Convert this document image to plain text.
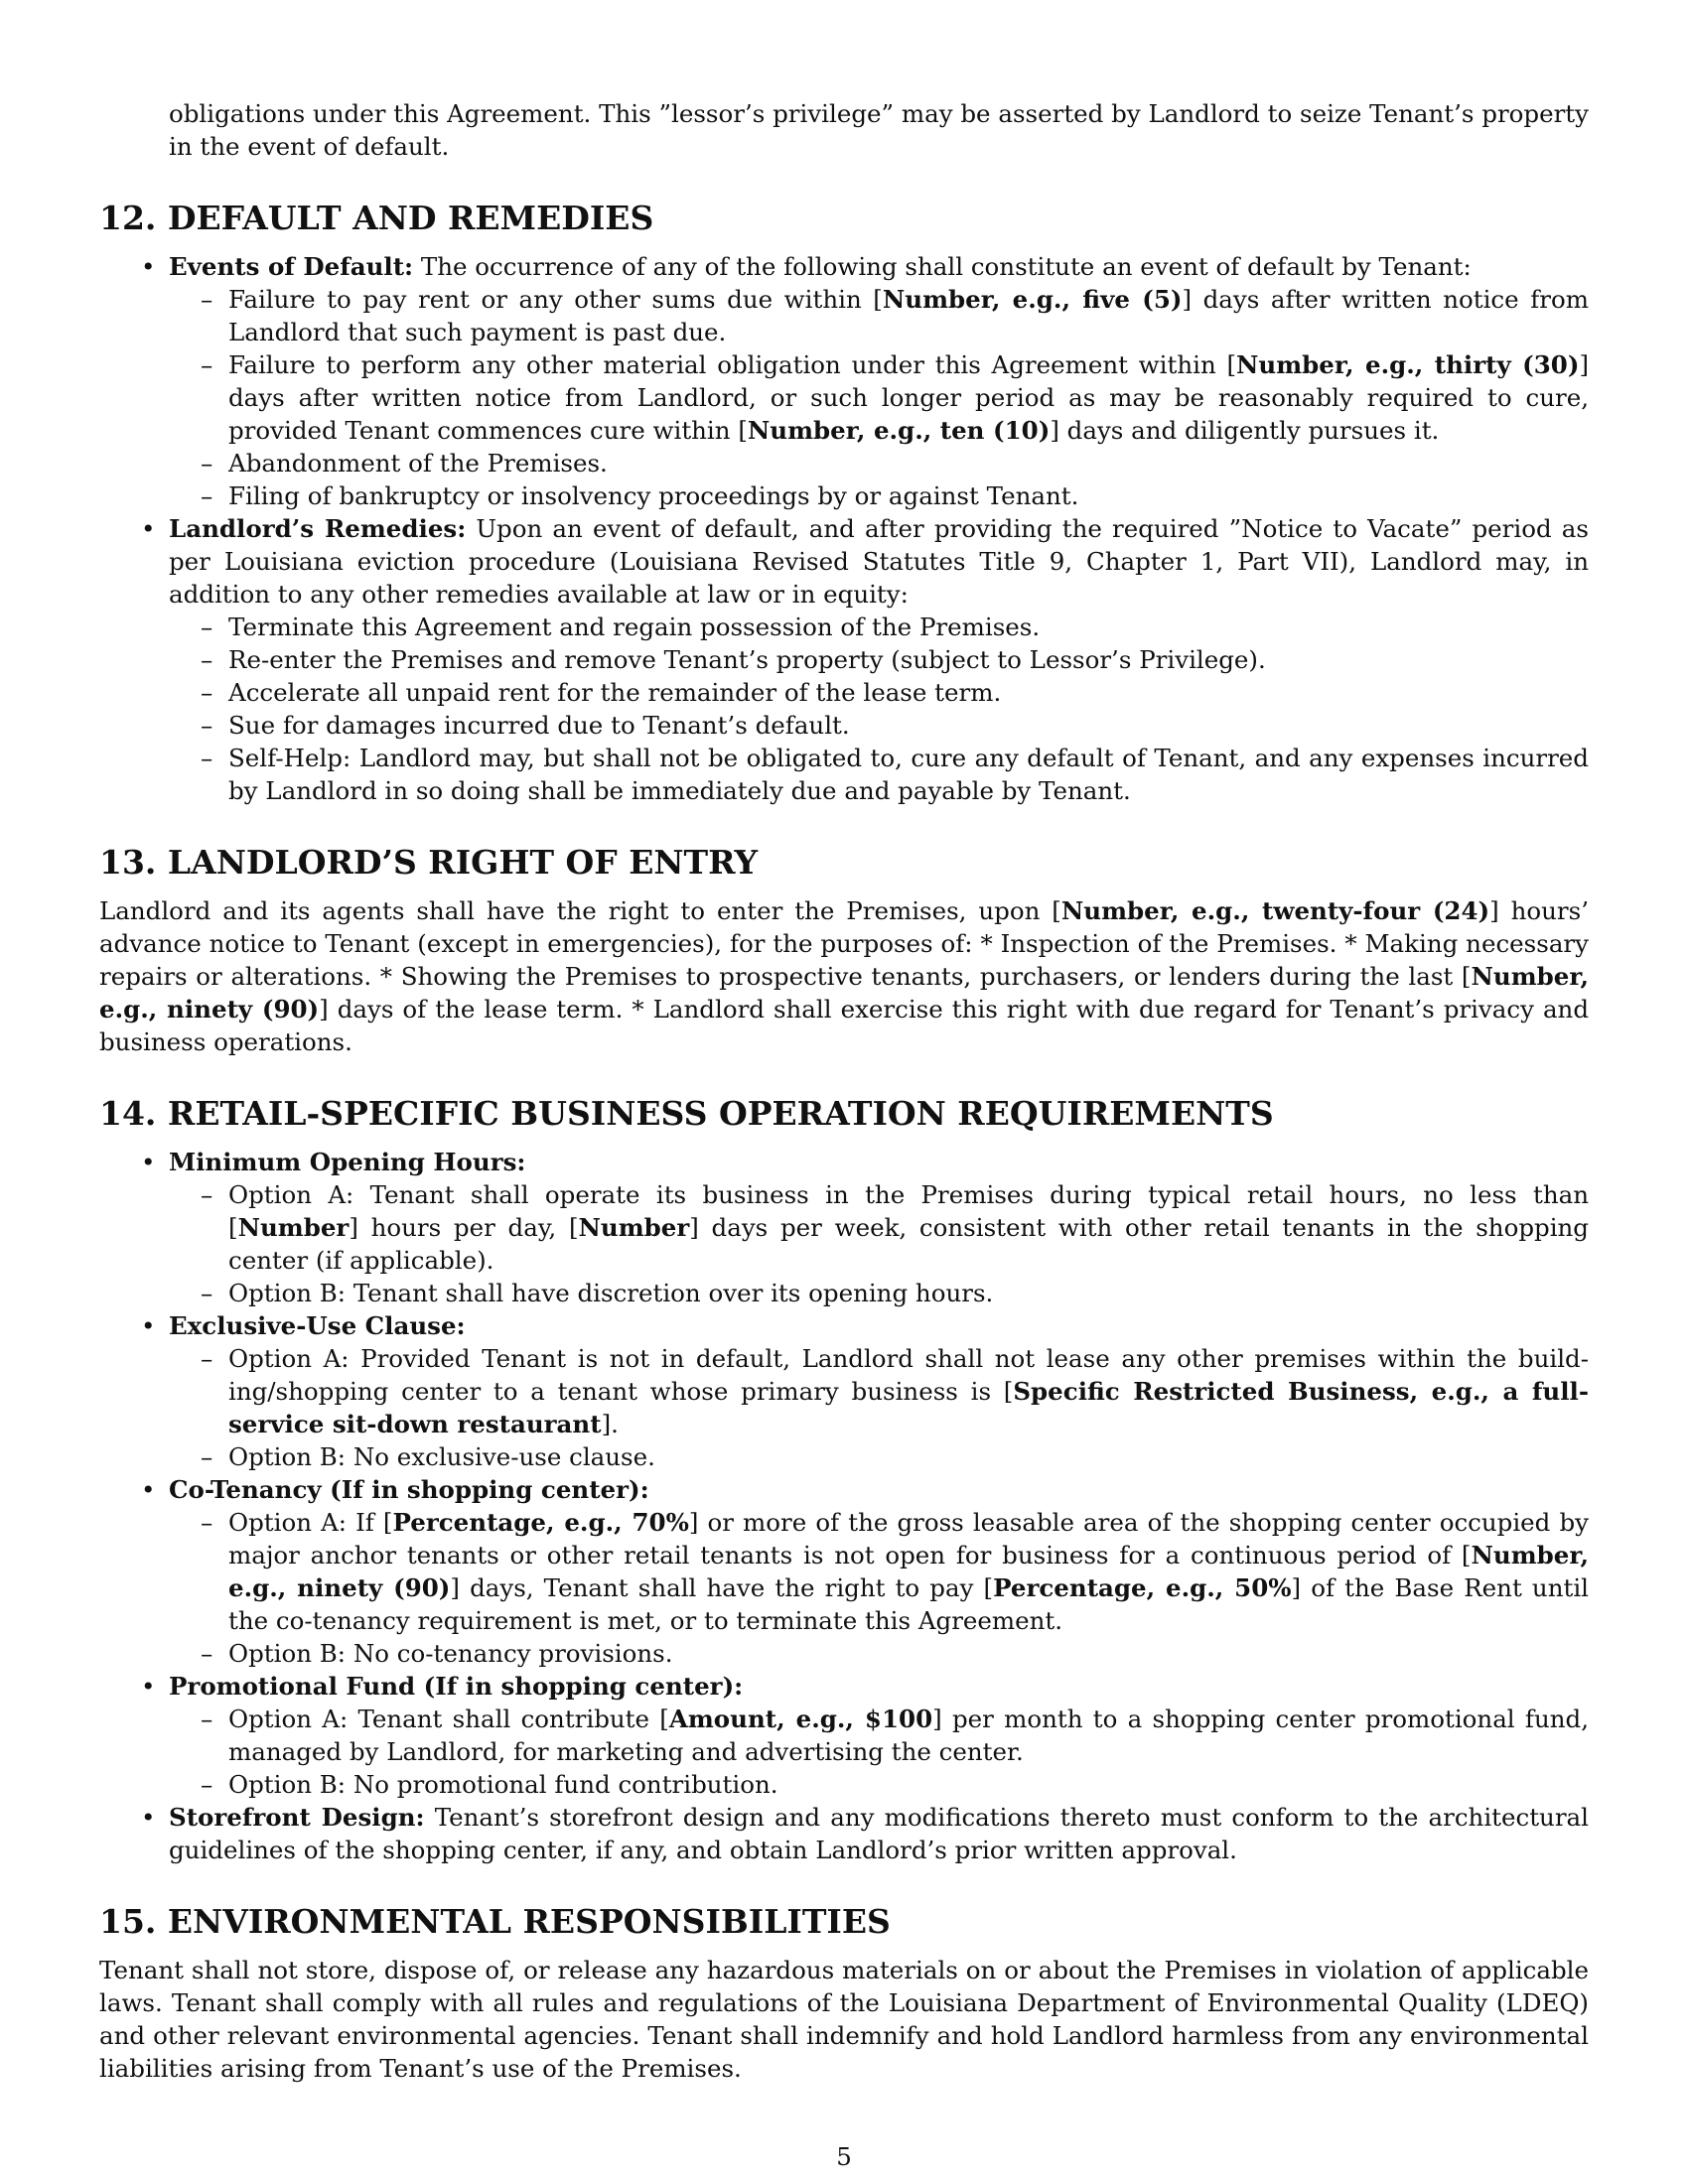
obligations under this Agreement. This ”lessor’s privilege” may be asserted by Landlord to seize Tenant’s property in the event of default.

12. DEFAULT AND REMEDIES
• Events of Default: The occurrence of any of the following shall constitute an event of default by Tenant:
– Failure to pay rent or any other sums due within [Number, e.g., five (5)] days after written notice from Landlord that such payment is past due.
– Failure to perform any other material obligation under this Agreement within [Number, e.g., thirty (30)] days after written notice from Landlord, or such longer period as may be reasonably required to cure, provided Tenant commences cure within [Number, e.g., ten (10)] days and diligently pursues it.
– Abandonment of the Premises.
– Filing of bankruptcy or insolvency proceedings by or against Tenant.
• Landlord’s Remedies: Upon an event of default, and after providing the required ”Notice to Vacate” period as per Louisiana eviction procedure (Louisiana Revised Statutes Title 9, Chapter 1, Part VII), Landlord may, in addition to any other remedies available at law or in equity:
– Terminate this Agreement and regain possession of the Premises.
– Re-enter the Premises and remove Tenant’s property (subject to Lessor’s Privilege).
– Accelerate all unpaid rent for the remainder of the lease term.
– Sue for damages incurred due to Tenant’s default.
– Self-Help: Landlord may, but shall not be obligated to, cure any default of Tenant, and any expenses incurred by Landlord in so doing shall be immediately due and payable by Tenant.
13. LANDLORD’S RIGHT OF ENTRY

Landlord and its agents shall have the right to enter the Premises, upon [Number, e.g., twenty-four (24)] hours’ advance notice to Tenant (except in emergencies), for the purposes of: * Inspection of the Premises. * Making necessary repairs or alterations. * Showing the Premises to prospective tenants, purchasers, or lenders during the last [Number, e.g., ninety (90)] days of the lease term. * Landlord shall exercise this right with due regard for Tenant’s privacy and business operations.

14. RETAIL-SPECIFIC BUSINESS OPERATION REQUIREMENTS
• Minimum Opening Hours:
– Option A: Tenant shall operate its business in the Premises during typical retail hours, no less than [Number] hours per day, [Number] days per week, consistent with other retail tenants in the shopping center (if applicable).
– Option B: Tenant shall have discretion over its opening hours.
• Exclusive-Use Clause:
– Option A: Provided Tenant is not in default, Landlord shall not lease any other premises within the build-ing/shopping center to a tenant whose primary business is [Specific Restricted Business, e.g., a full-service sit-down restaurant].
– Option B: No exclusive-use clause.
• Co-Tenancy (If in shopping center):
– Option A: If [Percentage, e.g., 70%] or more of the gross leasable area of the shopping center occupied by major anchor tenants or other retail tenants is not open for business for a continuous period of [Number, e.g., ninety (90)] days, Tenant shall have the right to pay [Percentage, e.g., 50%] of the Base Rent until the co-tenancy requirement is met, or to terminate this Agreement.
– Option B: No co-tenancy provisions.
• Promotional Fund (If in shopping center):
– Option A: Tenant shall contribute [Amount, e.g., $100] per month to a shopping center promotional fund, managed by Landlord, for marketing and advertising the center.
– Option B: No promotional fund contribution.
• Storefront Design: Tenant’s storefront design and any modifications thereto must conform to the architectural guidelines of the shopping center, if any, and obtain Landlord’s prior written approval.
15. ENVIRONMENTAL RESPONSIBILITIES

Tenant shall not store, dispose of, or release any hazardous materials on or about the Premises in violation of applicable laws. Tenant shall comply with all rules and regulations of the Louisiana Department of Environmental Quality (LDEQ) and other relevant environmental agencies. Tenant shall indemnify and hold Landlord harmless from any environmental liabilities arising from Tenant’s use of the Premises.

5
